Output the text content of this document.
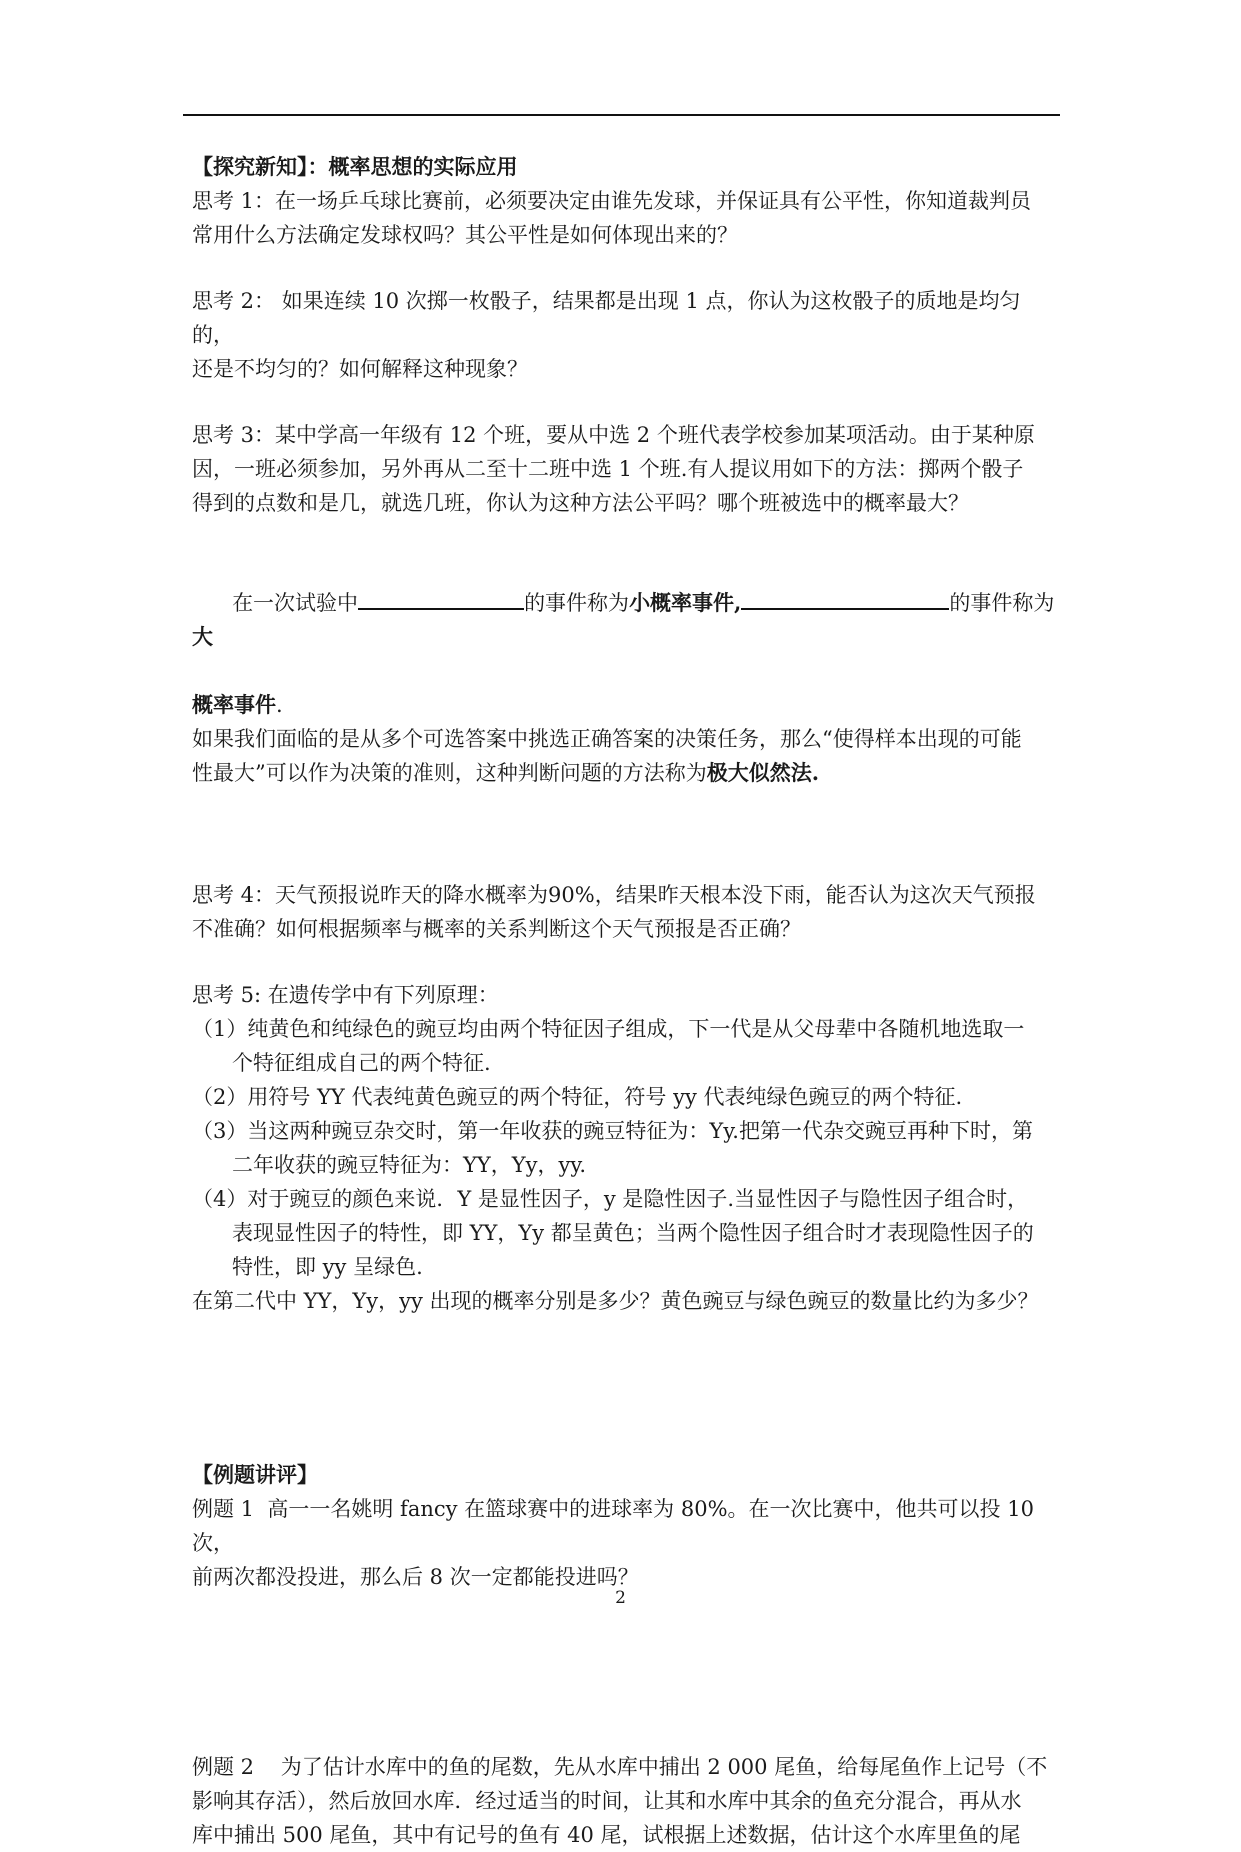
【探究新知】：概率思想的实际应用
思考 1：在一场乒乓球比赛前，必须要决定由谁先发球，并保证具有公平性，你知道裁判员
常用什么方法确定发球权吗？其公平性是如何体现出来的？
思考 2： 如果连续 10 次掷一枚骰子，结果都是出现 1 点，你认为这枚骰子的质地是均匀的，
还是不均匀的？如何解释这种现象？
思考 3：某中学高一年级有 12 个班，要从中选 2 个班代表学校参加某项活动。由于某种原
因，一班必须参加，另外再从二至十二班中选 1 个班.有人提议用如下的方法：掷两个骰子
得到的点数和是几，就选几班，你认为这种方法公平吗？哪个班被选中的概率最大？

在一次试验中	的事件称为小概率事件,	的事件称为大

概率事件.
如果我们面临的是从多个可选答案中挑选正确答案的决策任务，那么“使得样本出现的可能
性最大”可以作为决策的准则，这种判断问题的方法称为极大似然法.
思考 4：天气预报说昨天的降水概率为90%，结果昨天根本没下雨，能否认为这次天气预报
不准确？如何根据频率与概率的关系判断这个天气预报是否正确？
思考 5: 在遗传学中有下列原理：
（1）纯黄色和纯绿色的豌豆均由两个特征因子组成，下一代是从父母辈中各随机地选取一
个特征组成自己的两个特征.
（2）用符号 YY 代表纯黄色豌豆的两个特征，符号 yy 代表纯绿色豌豆的两个特征.
（3）当这两种豌豆杂交时，第一年收获的豌豆特征为：Yy.把第一代杂交豌豆再种下时，第
二年收获的豌豆特征为：YY，Yy，yy.
（4）对于豌豆的颜色来说．Y 是显性因子，y 是隐性因子.当显性因子与隐性因子组合时，
表现显性因子的特性，即 YY，Yy 都呈黄色；当两个隐性因子组合时才表现隐性因子的
特性，即 yy 呈绿色.
在第二代中 YY，Yy，yy 出现的概率分别是多少？黄色豌豆与绿色豌豆的数量比约为多少？
【例题讲评】
例题 1  高一一名姚明 fancy 在篮球赛中的进球率为 80%。在一次比赛中，他共可以投 10 次，
前两次都没投进，那么后 8 次一定都能投进吗？
例题 2    为了估计水库中的鱼的尾数，先从水库中捕出 2 000 尾鱼，给每尾鱼作上记号（不
影响其存活），然后放回水库．经过适当的时间，让其和水库中其余的鱼充分混合，再从水
库中捕出 500 尾鱼，其中有记号的鱼有 40 尾，试根据上述数据，估计这个水库里鱼的尾
2
